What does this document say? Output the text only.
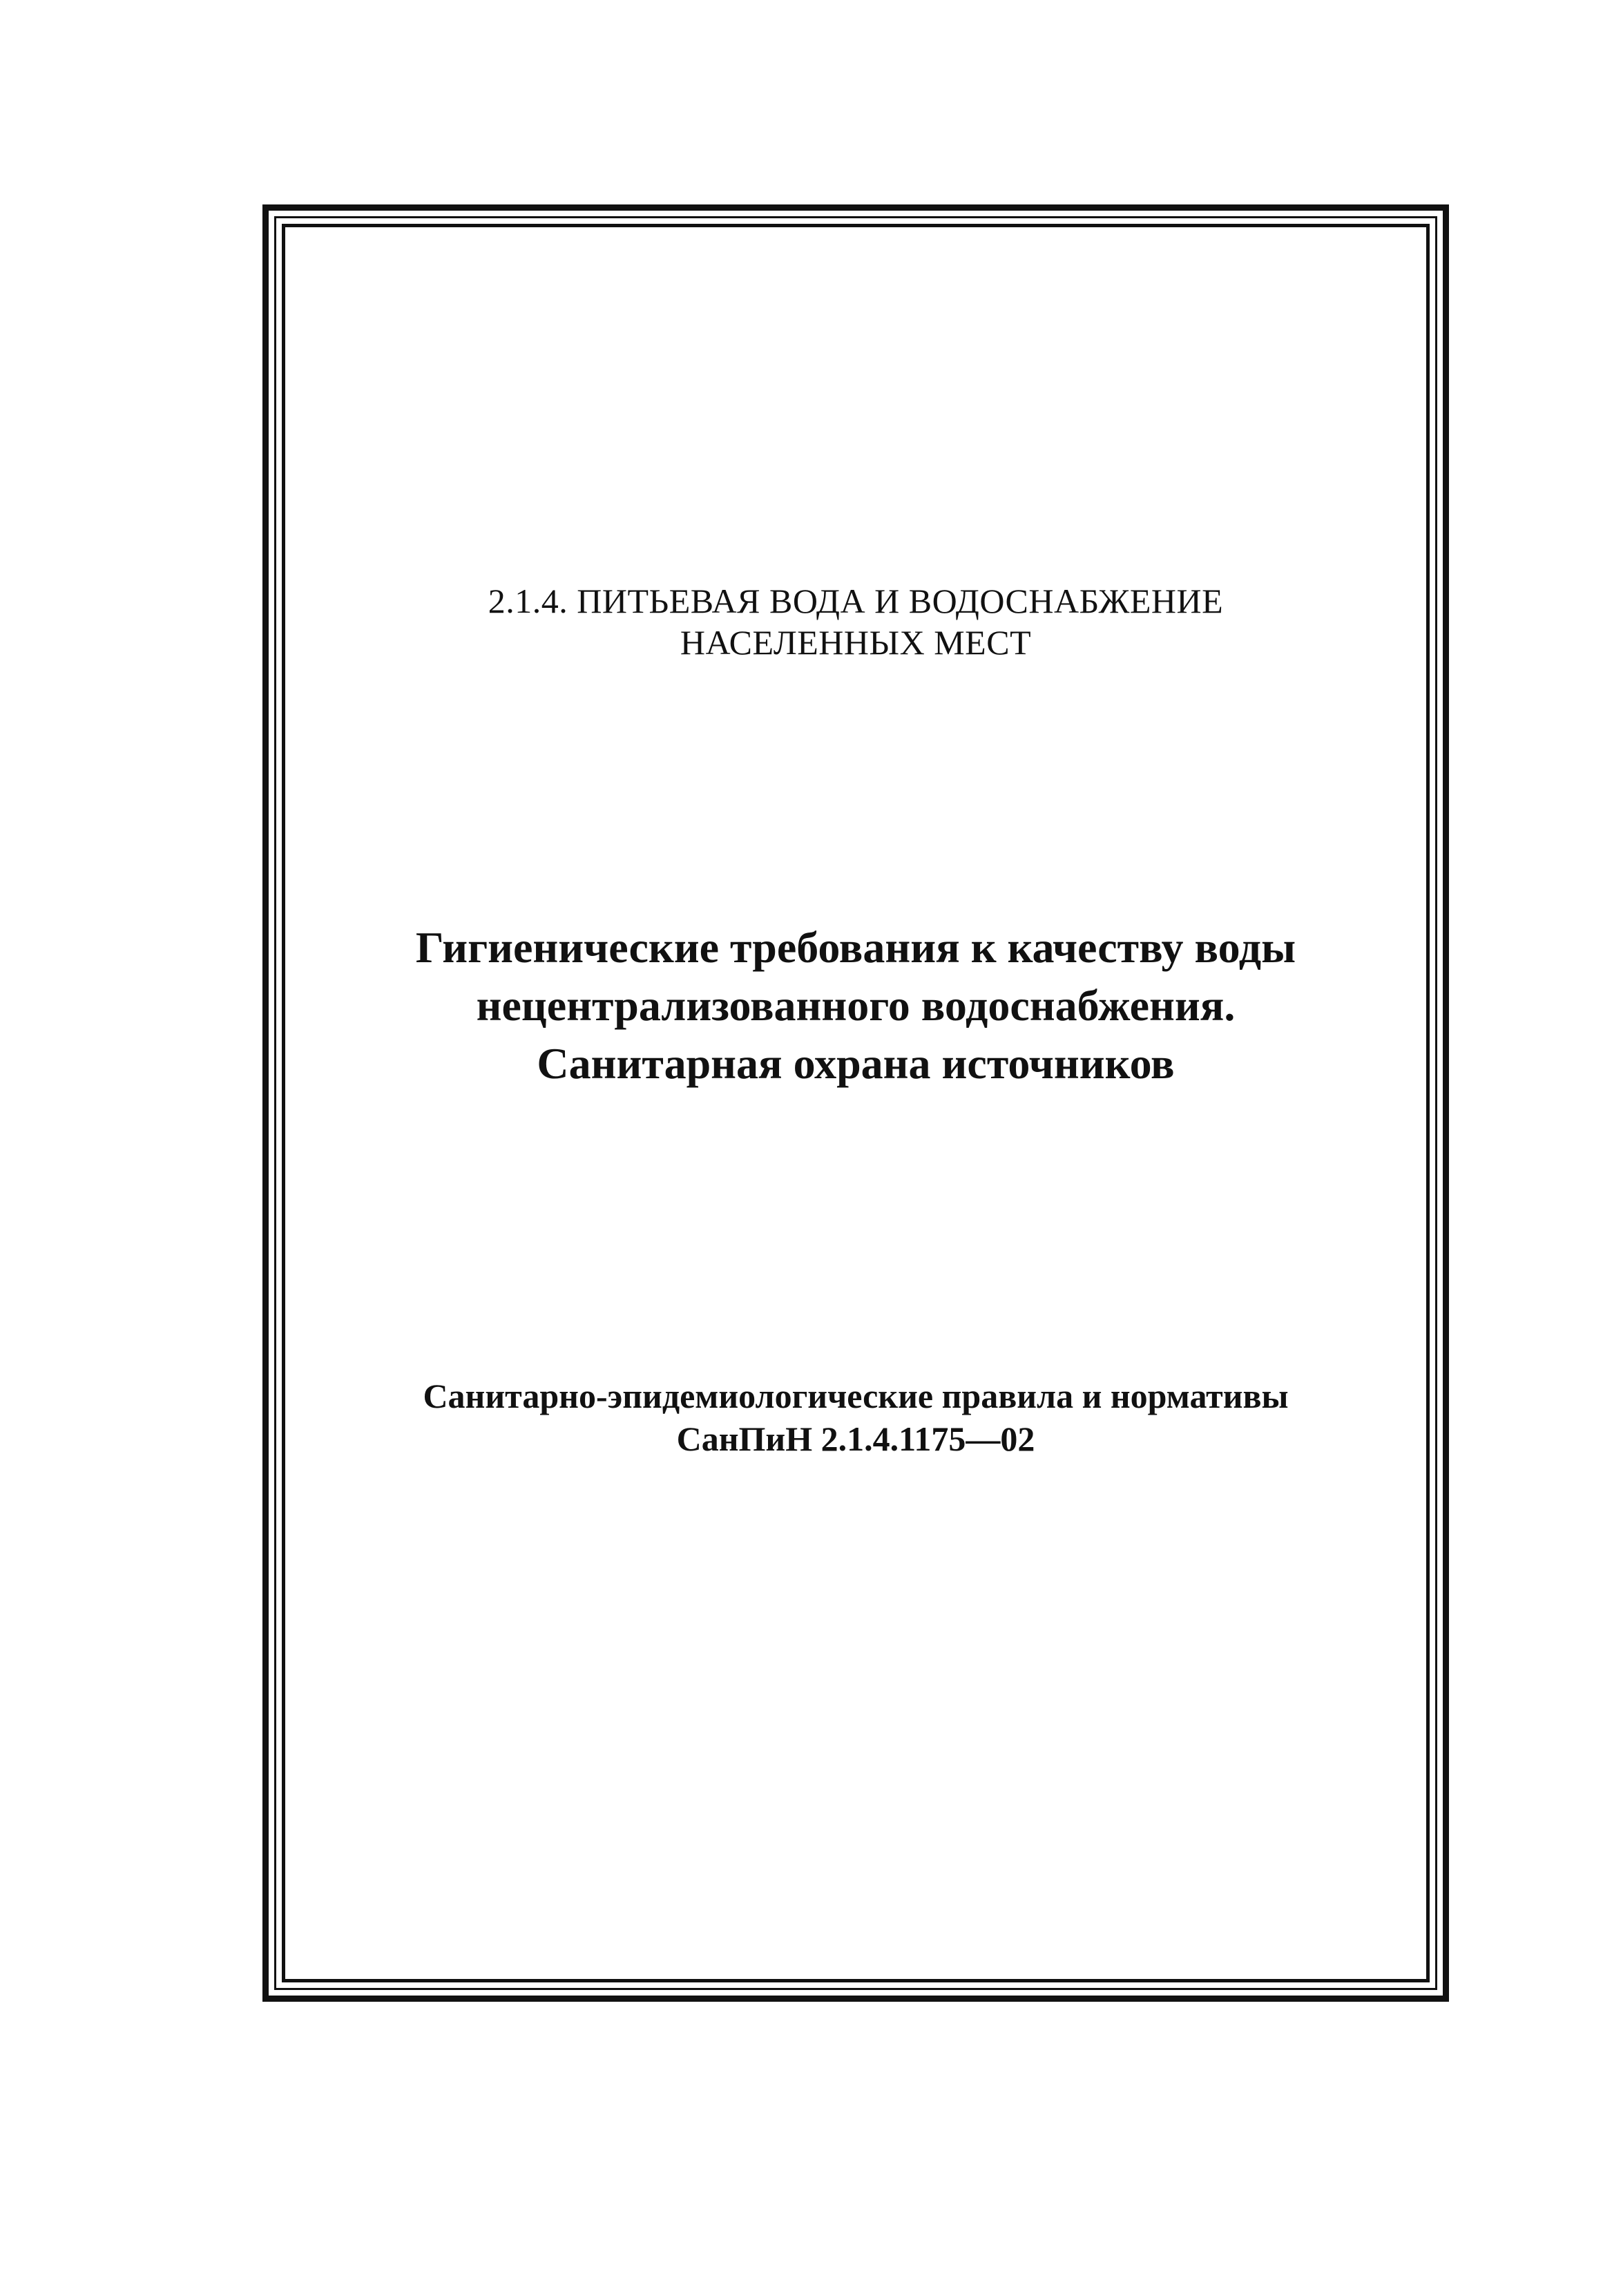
2.1.4. ПИТЬЕВАЯ ВОДА И ВОДОСНАБЖЕНИЕ
НАСЕЛЕННЫХ МЕСТ
Гигиенические требования к качеству воды
нецентрализованного водоснабжения.
Санитарная охрана источников
Санитарно-эпидемиологические правила и нормативы
СанПиН 2.1.4.1175—02
